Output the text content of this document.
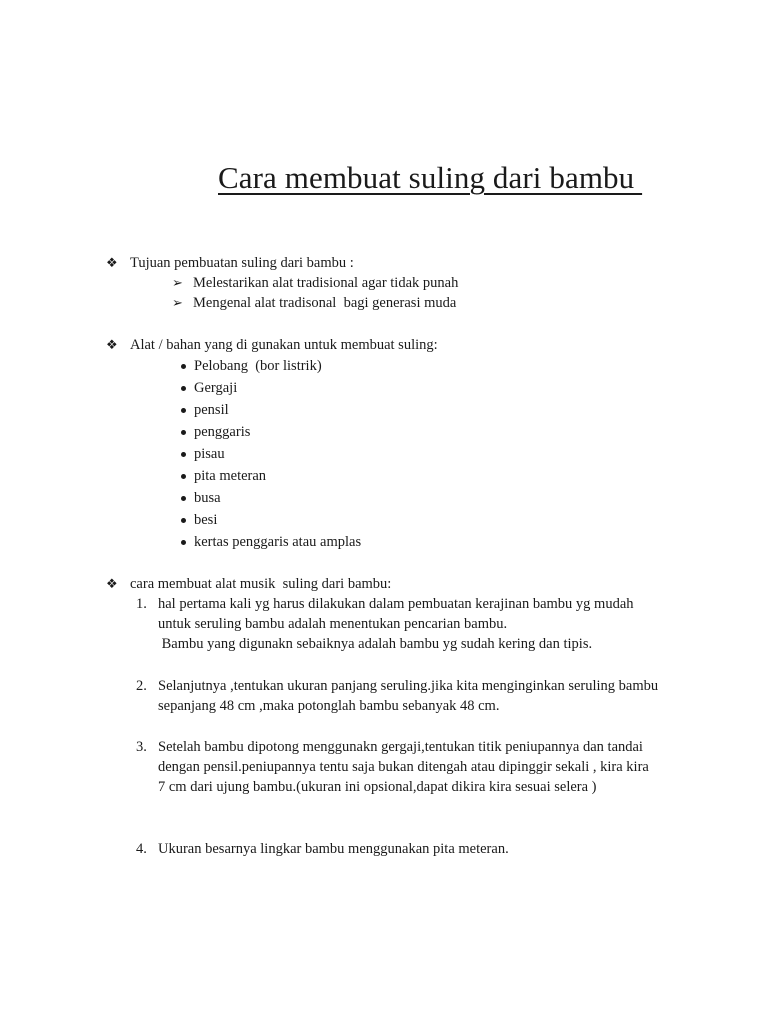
Cara membuat suling dari bambu
❖ Tujuan pembuatan suling dari bambu :
➢ Melestarikan alat tradisional agar tidak punah
➢ Mengenal alat tradisonal  bagi generasi muda
❖ Alat / bahan yang di gunakan untuk membuat suling:
Pelobang  (bor listrik)
Gergaji
pensil
penggaris
pisau
pita meteran
busa
besi
kertas penggaris atau amplas
❖ cara membuat alat musik  suling dari bambu:
1. hal pertama kali yg harus dilakukan dalam pembuatan kerajinan bambu yg mudah
untuk seruling bambu adalah menentukan pencarian bambu.
Bambu yang digunakn sebaiknya adalah bambu yg sudah kering dan tipis.
2. Selanjutnya ,tentukan ukuran panjang seruling.jika kita menginginkan seruling bambu
sepanjang 48 cm ,maka potonglah bambu sebanyak 48 cm.
3. Setelah bambu dipotong menggunakn gergaji,tentukan titik peniupannya dan tandai
dengan pensil.peniupannya tentu saja bukan ditengah atau dipinggir sekali , kira kira
7 cm dari ujung bambu.(ukuran ini opsional,dapat dikira kira sesuai selera )
4. Ukuran besarnya lingkar bambu menggunakan pita meteran.
